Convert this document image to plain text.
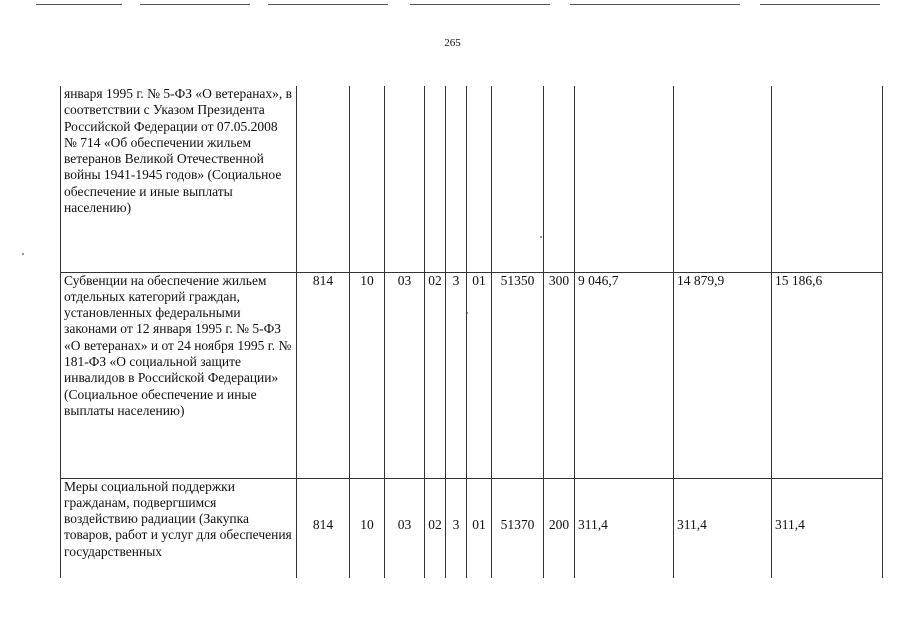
265
января 1995 г. № 5-ФЗ «О ветеранах», в соответствии с Указом Президента Российской Федерации от 07.05.2008 № 714 «Об обеспечении жильем ветеранов Великой Отечественной войны 1941-1945 годов» (Социальное обеспечение и иные выплаты населению)											
Субвенции на обеспечение жильем отдельных категорий граждан, установленных федеральными законами от 12 января 1995 г. № 5-ФЗ «О ветеранах» и от 24 ноября 1995 г. № 181-ФЗ «О социальной защите инвалидов в Российской Федерации» (Социальное обеспечение и иные выплаты населению)	814	10	03	02	3	01	51350	300	9 046,7	14 879,9	15 186,6
Меры социальной поддержки гражданам, подвергшимся воздействию радиации (Закупка товаров, работ и услуг для обеспечения государственных	814	10	03	02	3	01	51370	200	311,4	311,4	311,4
